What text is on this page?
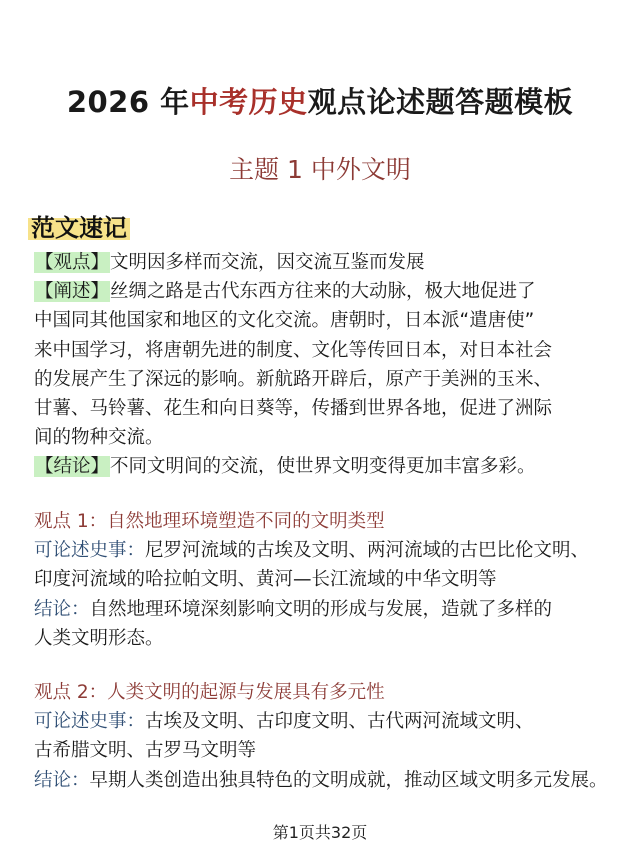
2026 年中考历史观点论述题答题模板
主题 1 中外文明
范文速记
【观点】文明因多样而交流，因交流互鉴而发展
【阐述】丝绸之路是古代东西方往来的大动脉，极大地促进了
中国同其他国家和地区的文化交流。唐朝时，日本派“遣唐使”
来中国学习，将唐朝先进的制度、文化等传回日本，对日本社会
的发展产生了深远的影响。新航路开辟后，原产于美洲的玉米、
甘薯、马铃薯、花生和向日葵等，传播到世界各地，促进了洲际
间的物种交流。
【结论】不同文明间的交流，使世界文明变得更加丰富多彩。
观点 1：自然地理环境塑造不同的文明类型
可论述史事：尼罗河流域的古埃及文明、两河流域的古巴比伦文明、
印度河流域的哈拉帕文明、黄河—长江流域的中华文明等
结论：自然地理环境深刻影响文明的形成与发展，造就了多样的
人类文明形态。
观点 2：人类文明的起源与发展具有多元性
可论述史事：古埃及文明、古印度文明、古代两河流域文明、
古希腊文明、古罗马文明等
结论：早期人类创造出独具特色的文明成就，推动区域文明多元发展。
第1页共32页
